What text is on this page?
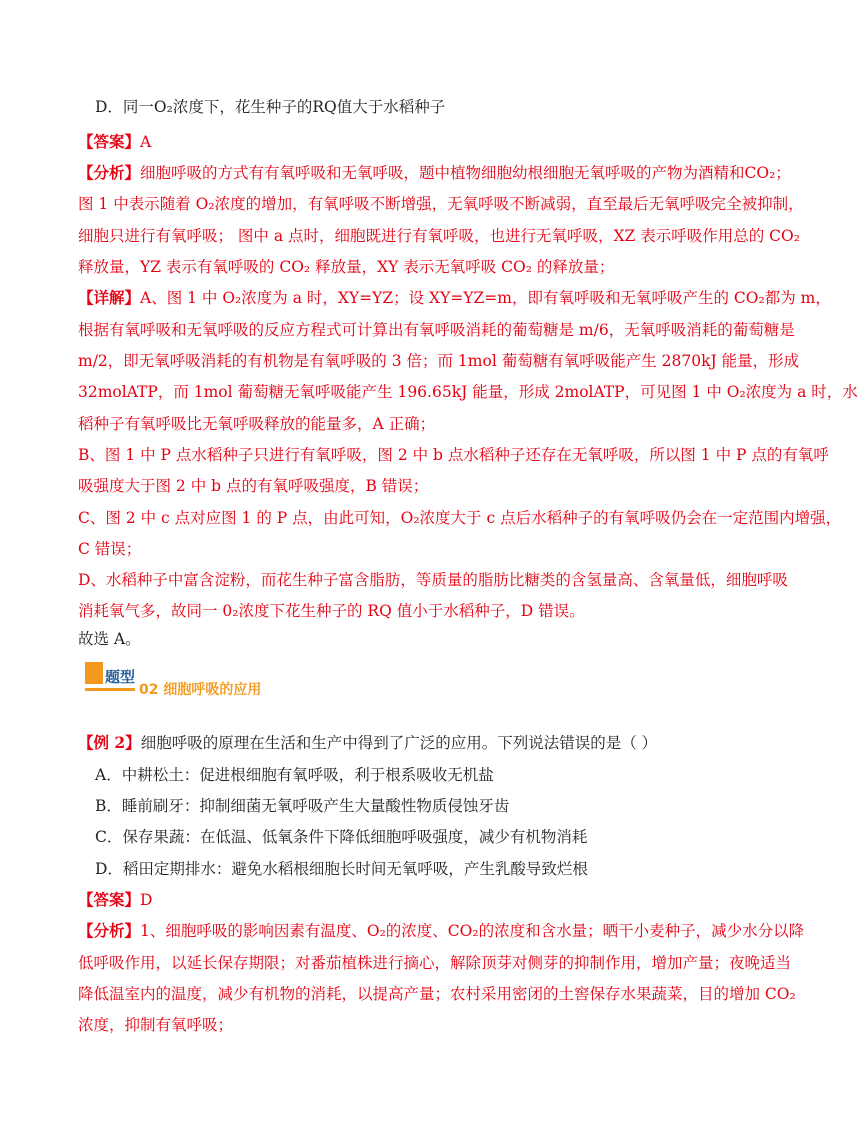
D．同一O₂浓度下，花生种子的RQ值大于水稻种子
【答案】A
【分析】细胞呼吸的方式有有氧呼吸和无氧呼吸，题中植物细胞幼根细胞无氧呼吸的产物为酒精和CO₂；
图 1 中表示随着 O₂浓度的增加，有氧呼吸不断增强，无氧呼吸不断减弱，直至最后无氧呼吸完全被抑制，
细胞只进行有氧呼吸； 图中 a 点时，细胞既进行有氧呼吸，也进行无氧呼吸，XZ 表示呼吸作用总的 CO₂
释放量，YZ 表示有氧呼吸的 CO₂ 释放量，XY 表示无氧呼吸 CO₂ 的释放量；
【详解】A、图 1 中 O₂浓度为 a 时，XY=YZ；设 XY=YZ=m，即有氧呼吸和无氧呼吸产生的 CO₂都为 m，
根据有氧呼吸和无氧呼吸的反应方程式可计算出有氧呼吸消耗的葡萄糖是 m/6，无氧呼吸消耗的葡萄糖是
m/2，即无氧呼吸消耗的有机物是有氧呼吸的 3 倍；而 1mol 葡萄糖有氧呼吸能产生 2870kJ 能量，形成
32molATP，而 1mol 葡萄糖无氧呼吸能产生 196.65kJ 能量，形成 2molATP，可见图 1 中 O₂浓度为 a 时，水
稻种子有氧呼吸比无氧呼吸释放的能量多，A 正确；
B、图 1 中 P 点水稻种子只进行有氧呼吸，图 2 中 b 点水稻种子还存在无氧呼吸，所以图 1 中 P 点的有氧呼
吸强度大于图 2 中 b 点的有氧呼吸强度，B 错误；
C、图 2 中 c 点对应图 1 的 P 点，由此可知，O₂浓度大于 c 点后水稻种子的有氧呼吸仍会在一定范围内增强，
C 错误；
D、水稻种子中富含淀粉，而花生种子富含脂肪，等质量的脂肪比糖类的含氢量高、含氧量低，细胞呼吸
消耗氧气多，故同一 0₂浓度下花生种子的 RQ 值小于水稻种子，D 错误。
故选 A。
题型
02 细胞呼吸的应用
【例 2】细胞呼吸的原理在生活和生产中得到了广泛的应用。下列说法错误的是（ ）
A．中耕松土：促进根细胞有氧呼吸，利于根系吸收无机盐
B．睡前刷牙：抑制细菌无氧呼吸产生大量酸性物质侵蚀牙齿
C．保存果蔬：在低温、低氧条件下降低细胞呼吸强度，减少有机物消耗
D．稻田定期排水：避免水稻根细胞长时间无氧呼吸，产生乳酸导致烂根
【答案】D
【分析】1、细胞呼吸的影响因素有温度、O₂的浓度、CO₂的浓度和含水量；晒干小麦种子，减少水分以降
低呼吸作用，以延长保存期限；对番茄植株进行摘心，解除顶芽对侧芽的抑制作用，增加产量；夜晚适当
降低温室内的温度，减少有机物的消耗，以提高产量；农村采用密闭的土窖保存水果蔬菜，目的增加 CO₂
浓度，抑制有氧呼吸；
